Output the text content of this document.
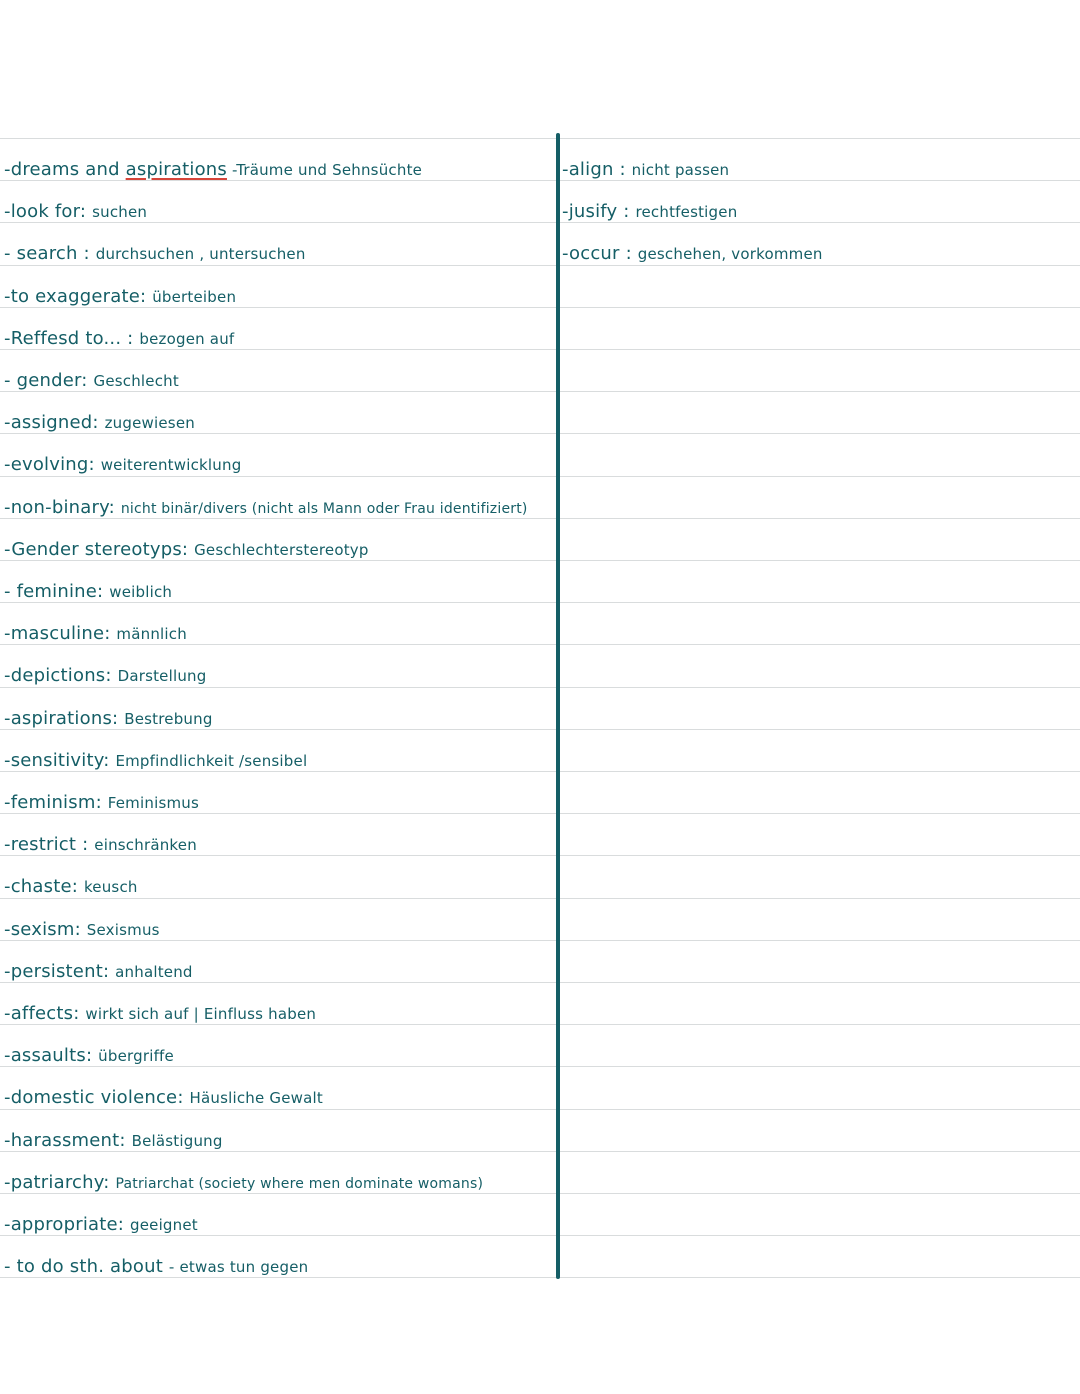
-dreams and aspirations -Träume und Sehnsüchte
-look for: suchen
- search : durchsuchen , untersuchen
-to exaggerate: überteiben
-Reffesd to... : bezogen auf
- gender: Geschlecht
-assigned: zugewiesen
-evolving: weiterentwicklung
-non-binary: nicht binär/divers (nicht als Mann oder Frau identifiziert)
-Gender stereotyps: Geschlechterstereotyp
- feminine: weiblich
-masculine: männlich
-depictions: Darstellung
-aspirations: Bestrebung
-sensitivity: Empfindlichkeit /sensibel
-feminism: Feminismus
-restrict : einschränken
-chaste: keusch
-sexism: Sexismus
-persistent: anhaltend
-affects: wirkt sich auf | Einfluss haben
-assaults: übergriffe
-domestic violence: Häusliche Gewalt
-harassment: Belästigung
-patriarchy: Patriarchat (society where men dominate womans)
-appropriate: geeignet
- to do sth. about - etwas tun gegen
-align : nicht passen
-jusify : rechtfestigen
-occur : geschehen, vorkommen
